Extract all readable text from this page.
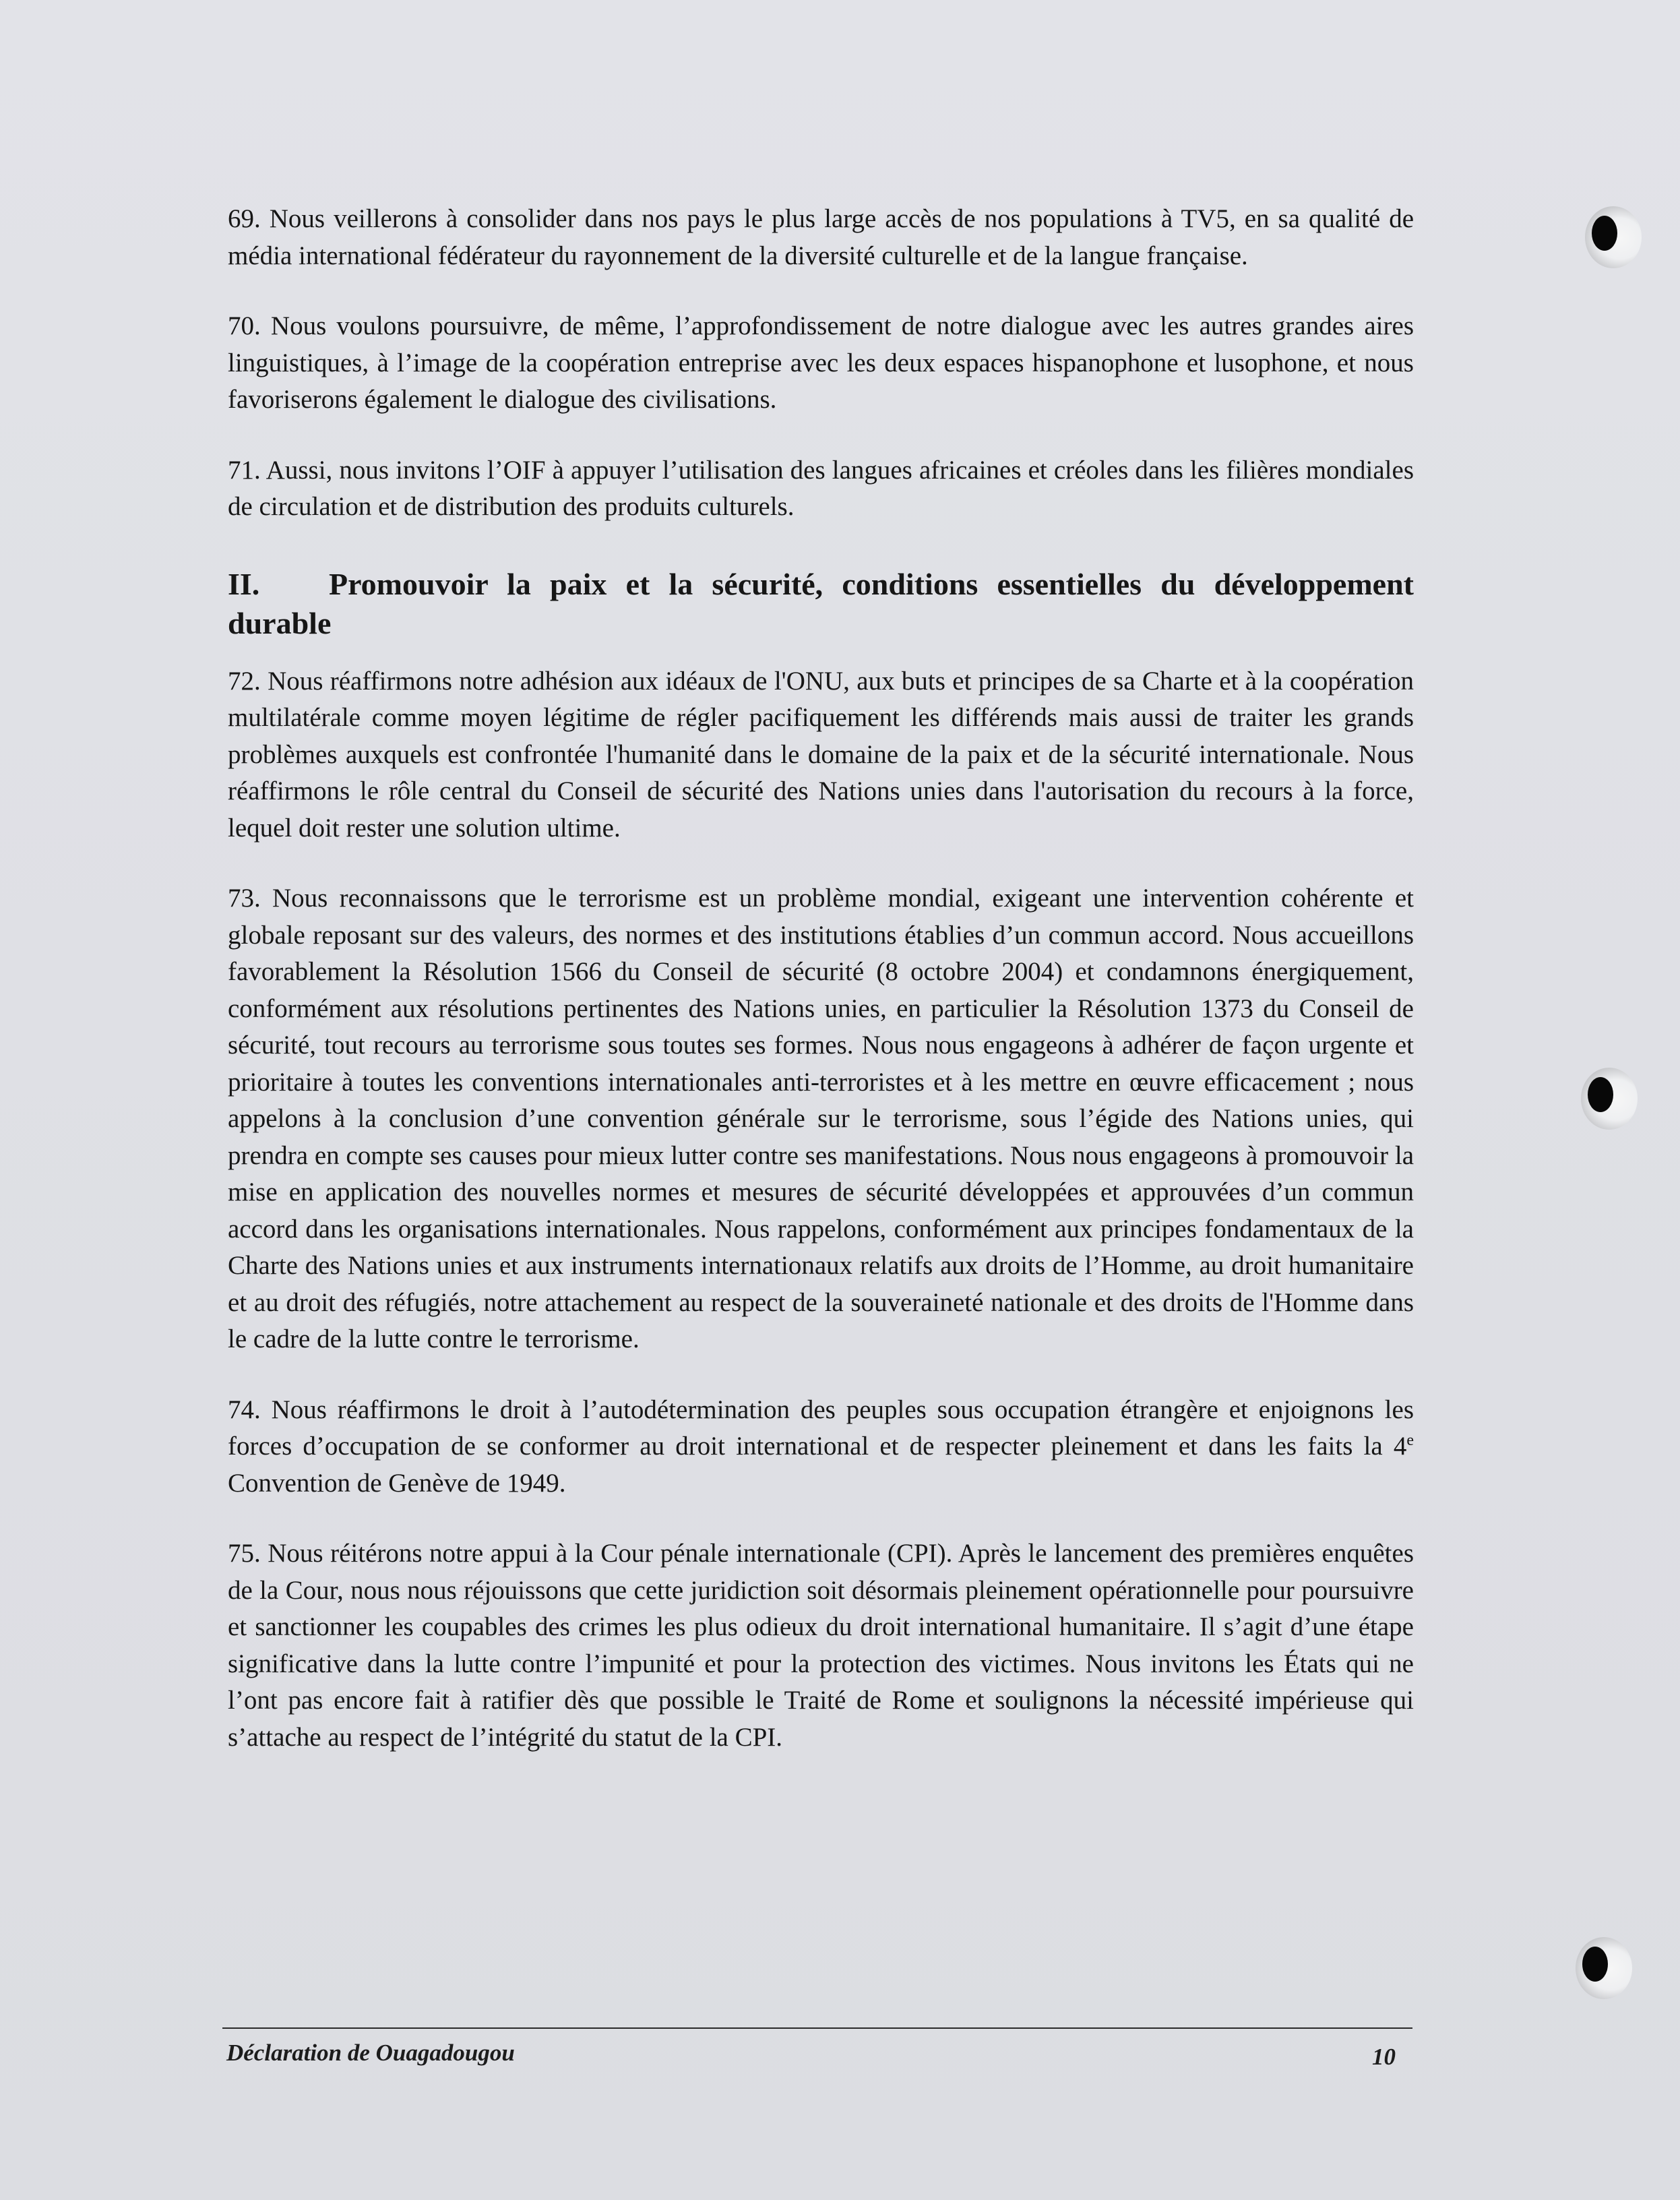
69. Nous veillerons à consolider dans nos pays le plus large accès de nos populations à TV5, en sa qualité de média international fédérateur du rayonnement de la diversité culturelle et de la langue française.

70. Nous voulons poursuivre, de même, l’approfondissement de notre dialogue avec les autres grandes aires linguistiques, à l’image de la coopération entreprise avec les deux espaces hispanophone et lusophone, et nous favoriserons également le dialogue des civilisations.

71. Aussi, nous invitons l’OIF à appuyer l’utilisation des langues africaines et créoles dans les filières mondiales de circulation et de distribution des produits culturels.

II. Promouvoir la paix et la sécurité, conditions essentielles du développement durable

72. Nous réaffirmons notre adhésion aux idéaux de l'ONU, aux buts et principes de sa Charte et à la coopération multilatérale comme moyen légitime de régler pacifiquement les différends mais aussi de traiter les grands problèmes auxquels est confrontée l'humanité dans le domaine de la paix et de la sécurité internationale. Nous réaffirmons le rôle central du Conseil de sécurité des Nations unies dans l'autorisation du recours à la force, lequel doit rester une solution ultime.

73. Nous reconnaissons que le terrorisme est un problème mondial, exigeant une intervention cohérente et globale reposant sur des valeurs, des normes et des institutions établies d’un commun accord. Nous accueillons favorablement la Résolution 1566 du Conseil de sécurité (8 octobre 2004) et condamnons énergiquement, conformément aux résolutions pertinentes des Nations unies, en particulier la Résolution 1373 du Conseil de sécurité, tout recours au terrorisme sous toutes ses formes. Nous nous engageons à adhérer de façon urgente et prioritaire à toutes les conventions internationales anti-terroristes et à les mettre en œuvre efficacement ; nous appelons à la conclusion d’une convention générale sur le terrorisme, sous l’égide des Nations unies, qui prendra en compte ses causes pour mieux lutter contre ses manifestations. Nous nous engageons à promouvoir la mise en application des nouvelles normes et mesures de sécurité développées et approuvées d’un commun accord dans les organisations internationales. Nous rappelons, conformément aux principes fondamentaux de la Charte des Nations unies et aux instruments internationaux relatifs aux droits de l’Homme, au droit humanitaire et au droit des réfugiés, notre attachement au respect de la souveraineté nationale et des droits de l'Homme dans le cadre de la lutte contre le terrorisme.

74. Nous réaffirmons le droit à l’autodétermination des peuples sous occupation étrangère et enjoignons les forces d’occupation de se conformer au droit international et de respecter pleinement et dans les faits la 4e Convention de Genève de 1949.

75. Nous réitérons notre appui à la Cour pénale internationale (CPI). Après le lancement des premières enquêtes de la Cour, nous nous réjouissons que cette juridiction soit désormais pleinement opérationnelle pour poursuivre et sanctionner les coupables des crimes les plus odieux du droit international humanitaire. Il s’agit d’une étape significative dans la lutte contre l’impunité et pour la protection des victimes. Nous invitons les États qui ne l’ont pas encore fait à ratifier dès que possible le Traité de Rome et soulignons la nécessité impérieuse qui s’attache au respect de l’intégrité du statut de la CPI.

Déclaration de Ouagadougou	10
